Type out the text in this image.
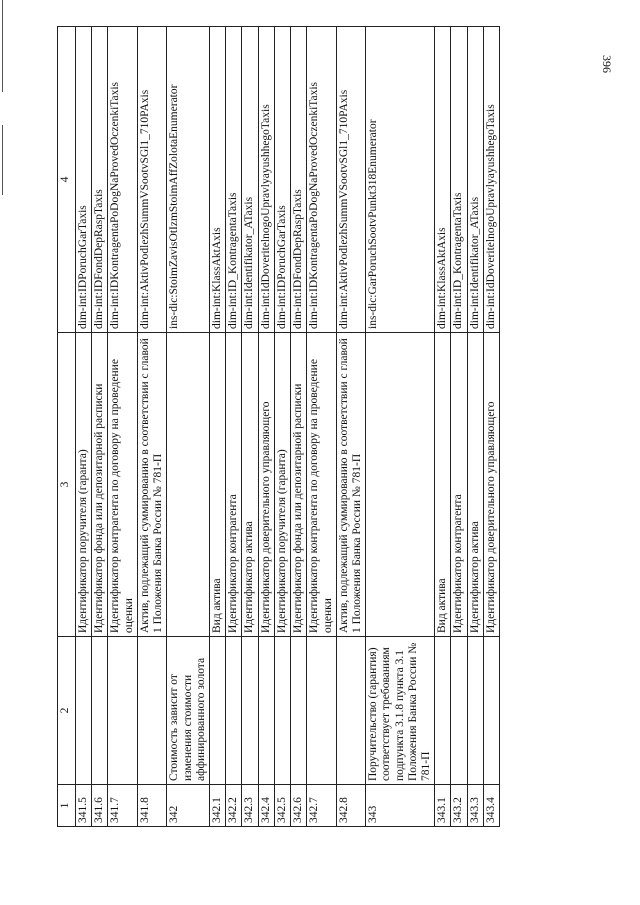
396
1	2	3	4
341.5		Идентификатор поручителя (гаранта)	dim-int:IDPoruchGarTaxis
341.6		Идентификатор фонда или депозитарной расписки	dim-int:IDFondDepRaspTaxis
341.7		Идентификатор контрагента по договору на проведение оценки	dim-int:IDKontragentaPoDogNaProvedOczenkiTaxis
341.8		Актив, подлежащий суммированию в соответствии с главой 1 Положения Банка России № 781-П	dim-int:AktivPodlezhSummVSootvSGl1_710PAxis
342	Стоимость зависит от изменения стоимости аффинированного золота		ins-dic:StoimZavisOtIzmStoimAffZolotaEnumerator
342.1		Вид актива	dim-int:KlassAktAxis
342.2		Идентификатор контрагента	dim-int:ID_KontragentaTaxis
342.3		Идентификатор актива	dim-int:Identifikator_ATaxis
342.4		Идентификатор доверительного управляющего	dim-int:IdDoveritelnogoUpravlyayushhegoTaxis
342.5		Идентификатор поручителя (гаранта)	dim-int:IDPoruchGarTaxis
342.6		Идентификатор фонда или депозитарной расписки	dim-int:IDFondDepRaspTaxis
342.7		Идентификатор контрагента по договору на проведение оценки	dim-int:IDKontragentaPoDogNaProvedOczenkiTaxis
342.8		Актив, подлежащий суммированию в соответствии с главой 1 Положения Банка России № 781-П	dim-int:AktivPodlezhSummVSootvSGl1_710PAxis
343	Поручительство (гарантия) соответствует требованиям подпункта 3.1.8 пункта 3.1 Положения Банка России № 781-П		ins-dic:GarPoruchSootvPunkt318Enumerator
343.1		Вид актива	dim-int:KlassAktAxis
343.2		Идентификатор контрагента	dim-int:ID_KontragentaTaxis
343.3		Идентификатор актива	dim-int:Identifikator_ATaxis
343.4		Идентификатор доверительного управляющего	dim-int:IdDoveritelnogoUpravlyayushhegoTaxis
